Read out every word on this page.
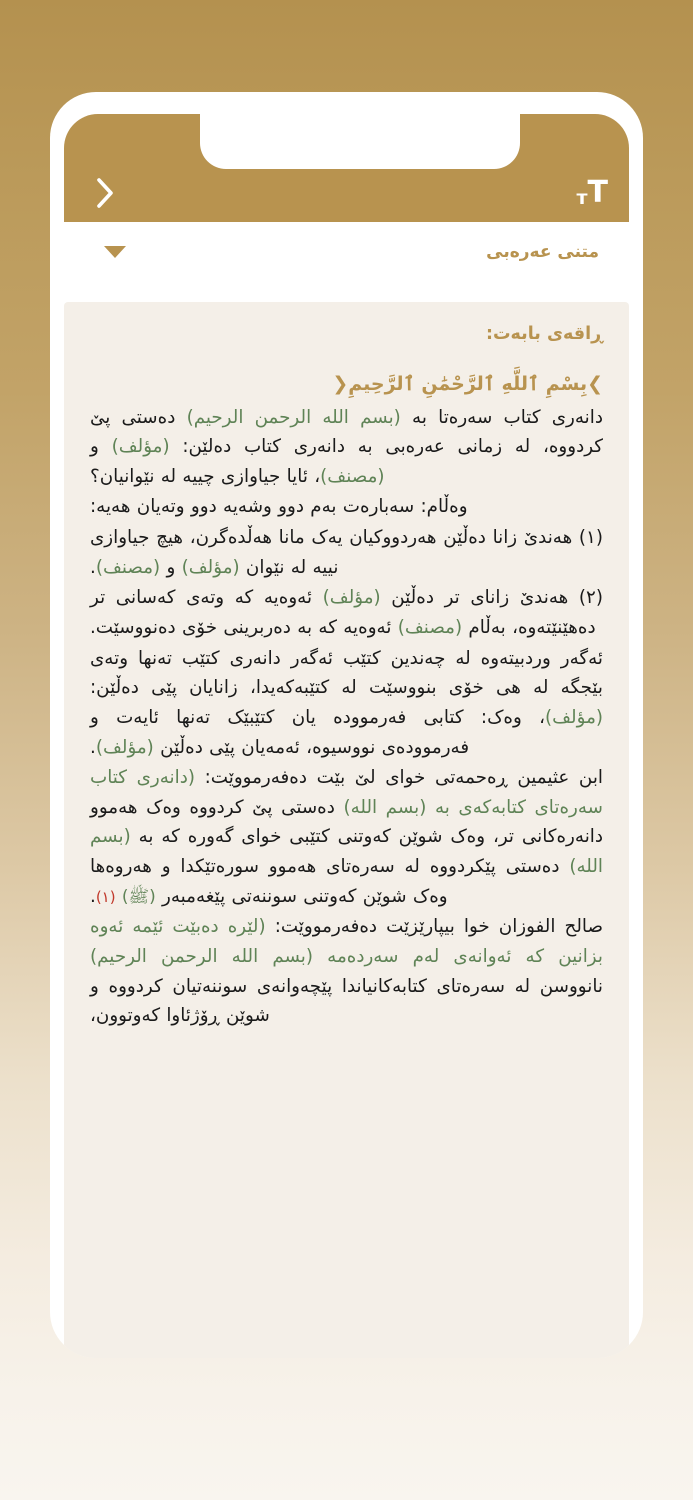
T
т
متنی عەرەبی
ڕاقەی بابەت:
❯بِسْمِ ٱللَّهِ ٱلرَّحْمَٰنِ ٱلرَّحِيمِ❮

دانەری کتاب سەرەتا بە (بسم الله الرحمن الرحيم) دەستی پێ کردووە، لە زمانی عەرەبی بە دانەری کتاب دەلێن: (مؤلف) و (مصنف)، ئایا جیاوازی چییە لە نێوانیان؟

وەڵام: سەبارەت بەم دوو وشەیە دوو وتەیان هەیە:

(١) هەندێ زانا دەڵێن هەردووکیان یەک مانا هەڵدەگرن، هیچ جیاوازی نییە لە نێوان (مؤلف) و (مصنف).

(٢) هەندێ زانای تر دەڵێن (مؤلف) ئەوەیە کە وتەی کەسانی تر دەهێنێتەوە، بەڵام (مصنف) ئەوەیە کە بە دەربرینی خۆی دەنووسێت.

ئەگەر وردبیتەوە لە چەندین کتێب ئەگەر دانەری کتێب تەنها وتەی بێجگە لە هی خۆی بنووسێت لە کتێبەکەیدا، زانایان پێی دەڵێن: (مؤلف)، وەک: کتابی فەرموودە یان کتێبێک تەنها ئایەت و فەرموودەی نووسیوە، ئەمەیان پێی دەڵێن (مؤلف).

ابن عثیمین ڕەحمەتی خوای لێ بێت دەفەرمووێت: (دانەری کتاب سەرەتای کتابەکەی بە (بسم الله) دەستی پێ کردووە وەک هەموو دانەرەکانی تر، وەک شوێن کەوتنی کتێبی خوای گەورە کە بە (بسم الله) دەستی پێکردووە لە سەرەتای هەموو سورەتێکدا و هەروەها وەک شوێن کەوتنی سوننەتی پێغەمبەر (ﷺ) (١).

صالح الفوزان خوا بیپارێزێت دەفەرمووێت: (لێرە دەبێت ئێمە ئەوە بزانین کە ئەوانەی لەم سەردەمە (بسم الله الرحمن الرحيم) نانووسن لە سەرەتای کتابەکانیاندا پێچەوانەی سوننەتیان کردووە و شوێن ڕۆژئاوا کەوتوون،
